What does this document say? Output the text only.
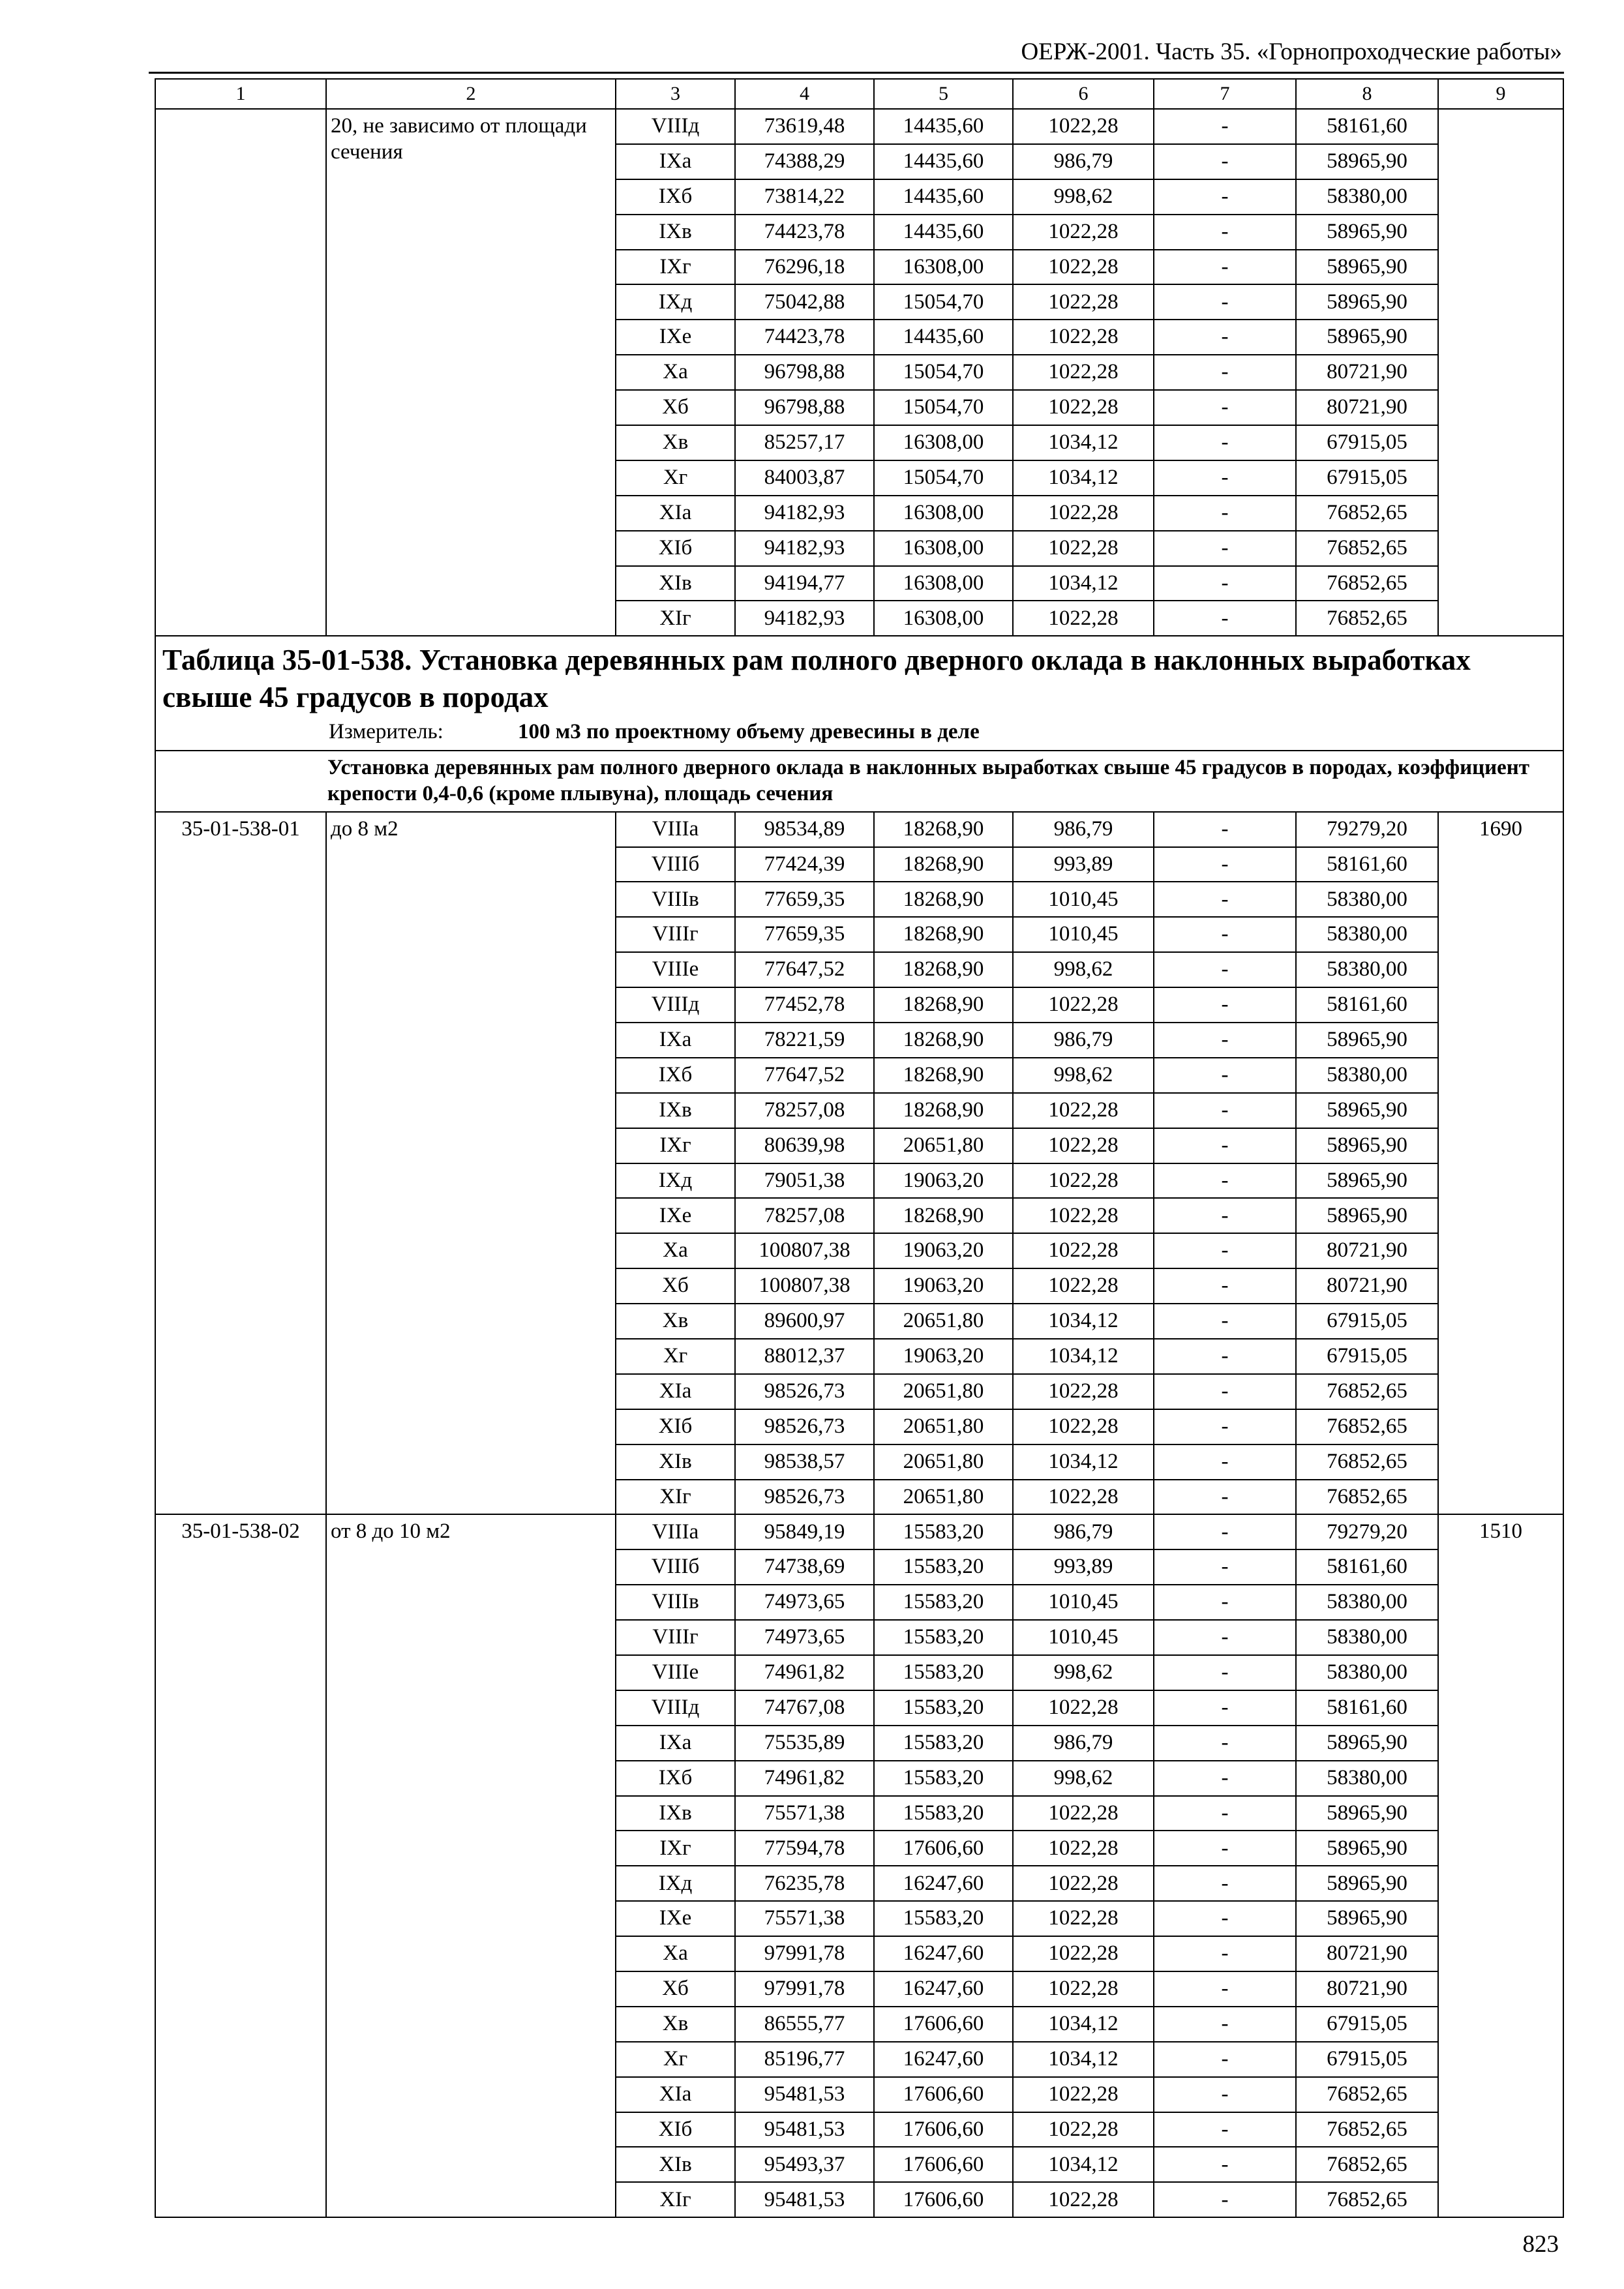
ОЕРЖ-2001. Часть 35. «Горнопроходческие работы»
1	2	3	4	5	6	7	8	9
	20, не зависимо от площади сечения	VIIIд	73619,48	14435,60	1022,28	-	58161,60	
		IXа	74388,29	14435,60	986,79	-	58965,90	
		IXб	73814,22	14435,60	998,62	-	58380,00	
		IXв	74423,78	14435,60	1022,28	-	58965,90	
		IXг	76296,18	16308,00	1022,28	-	58965,90	
		IXд	75042,88	15054,70	1022,28	-	58965,90	
		IXе	74423,78	14435,60	1022,28	-	58965,90	
		Xа	96798,88	15054,70	1022,28	-	80721,90	
		Xб	96798,88	15054,70	1022,28	-	80721,90	
		Xв	85257,17	16308,00	1034,12	-	67915,05	
		Xг	84003,87	15054,70	1034,12	-	67915,05	
		XIа	94182,93	16308,00	1022,28	-	76852,65	
		XIб	94182,93	16308,00	1022,28	-	76852,65	
		XIв	94194,77	16308,00	1034,12	-	76852,65	
		XIг	94182,93	16308,00	1022,28	-	76852,65	

Таблица 35-01-538. Установка деревянных рам полного дверного оклада в наклонных выработках свыше 45 градусов в породах
Измеритель: 100 м3 по проектному объему древесины в деле								

Установка деревянных рам полного дверного оклада в наклонных выработках свыше 45 градусов в породах, коэффициент крепости 0,4-0,6 (кроме плывуна), площадь сечения								
35-01-538-01	до 8 м2	VIIIа	98534,89	18268,90	986,79	-	79279,20	1690
		VIIIб	77424,39	18268,90	993,89	-	58161,60	
		VIIIв	77659,35	18268,90	1010,45	-	58380,00	
		VIIIг	77659,35	18268,90	1010,45	-	58380,00	
		VIIIе	77647,52	18268,90	998,62	-	58380,00	
		VIIIд	77452,78	18268,90	1022,28	-	58161,60	
		IXа	78221,59	18268,90	986,79	-	58965,90	
		IXб	77647,52	18268,90	998,62	-	58380,00	
		IXв	78257,08	18268,90	1022,28	-	58965,90	
		IXг	80639,98	20651,80	1022,28	-	58965,90	
		IXд	79051,38	19063,20	1022,28	-	58965,90	
		IXе	78257,08	18268,90	1022,28	-	58965,90	
		Xа	100807,38	19063,20	1022,28	-	80721,90	
		Xб	100807,38	19063,20	1022,28	-	80721,90	
		Xв	89600,97	20651,80	1034,12	-	67915,05	
		Xг	88012,37	19063,20	1034,12	-	67915,05	
		XIа	98526,73	20651,80	1022,28	-	76852,65	
		XIб	98526,73	20651,80	1022,28	-	76852,65	
		XIв	98538,57	20651,80	1034,12	-	76852,65	
		XIг	98526,73	20651,80	1022,28	-	76852,65	
35-01-538-02	от 8 до 10 м2	VIIIа	95849,19	15583,20	986,79	-	79279,20	1510
		VIIIб	74738,69	15583,20	993,89	-	58161,60	
		VIIIв	74973,65	15583,20	1010,45	-	58380,00	
		VIIIг	74973,65	15583,20	1010,45	-	58380,00	
		VIIIе	74961,82	15583,20	998,62	-	58380,00	
		VIIIд	74767,08	15583,20	1022,28	-	58161,60	
		IXа	75535,89	15583,20	986,79	-	58965,90	
		IXб	74961,82	15583,20	998,62	-	58380,00	
		IXв	75571,38	15583,20	1022,28	-	58965,90	
		IXг	77594,78	17606,60	1022,28	-	58965,90	
		IXд	76235,78	16247,60	1022,28	-	58965,90	
		IXе	75571,38	15583,20	1022,28	-	58965,90	
		Xа	97991,78	16247,60	1022,28	-	80721,90	
		Xб	97991,78	16247,60	1022,28	-	80721,90	
		Xв	86555,77	17606,60	1034,12	-	67915,05	
		Xг	85196,77	16247,60	1034,12	-	67915,05	
		XIа	95481,53	17606,60	1022,28	-	76852,65	
		XIб	95481,53	17606,60	1022,28	-	76852,65	
		XIв	95493,37	17606,60	1034,12	-	76852,65	
		XIг	95481,53	17606,60	1022,28	-	76852,65	
823
